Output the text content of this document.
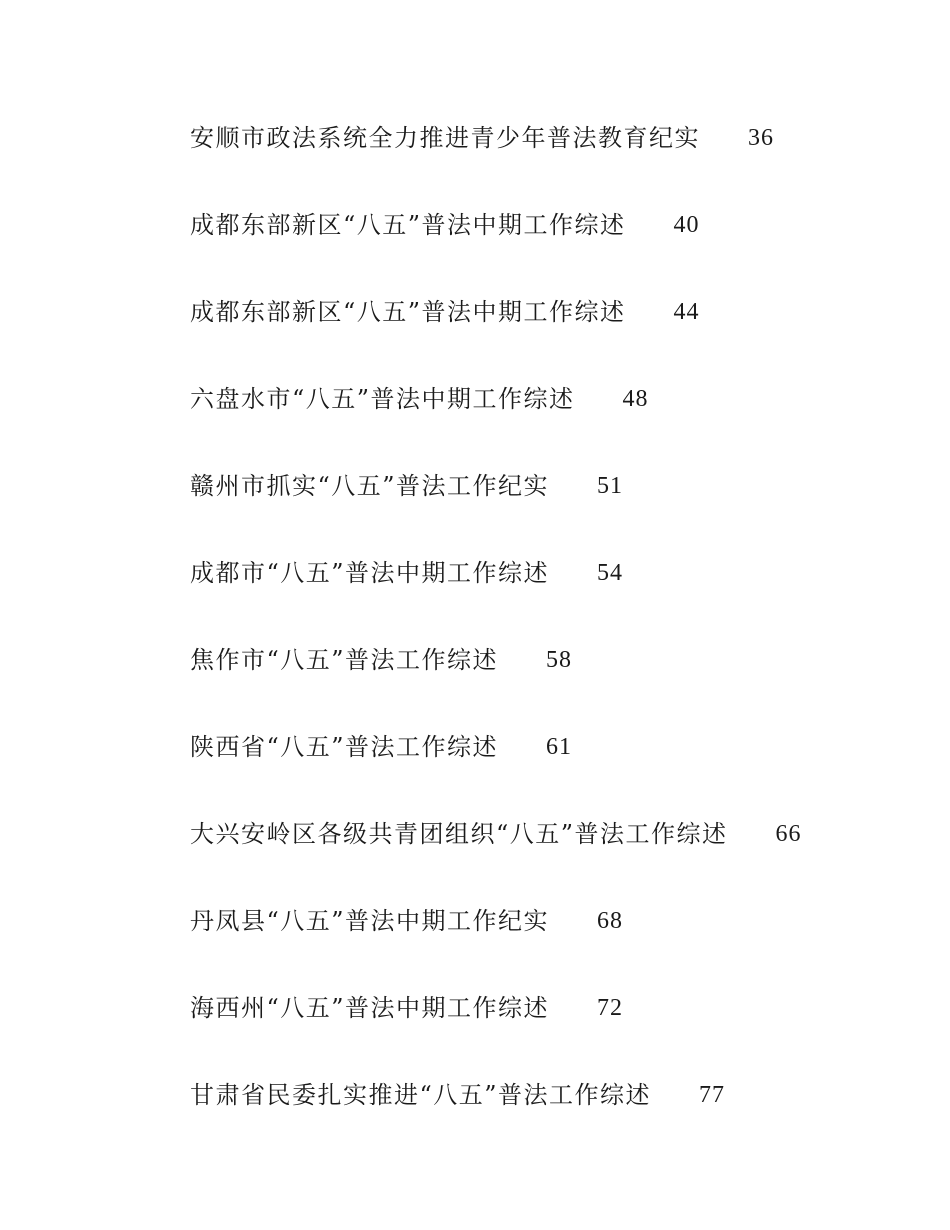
安顺市政法系统全力推进青少年普法教育纪实 36
成都东部新区“八五”普法中期工作综述 40
成都东部新区“八五”普法中期工作综述 44
六盘水市“八五”普法中期工作综述 48
赣州市抓实“八五”普法工作纪实 51
成都市“八五”普法中期工作综述 54
焦作市“八五”普法工作综述 58
陕西省“八五”普法工作综述 61
大兴安岭区各级共青团组织“八五”普法工作综述 66
丹凤县“八五”普法中期工作纪实 68
海西州“八五”普法中期工作综述 72
甘肃省民委扎实推进“八五”普法工作综述 77
